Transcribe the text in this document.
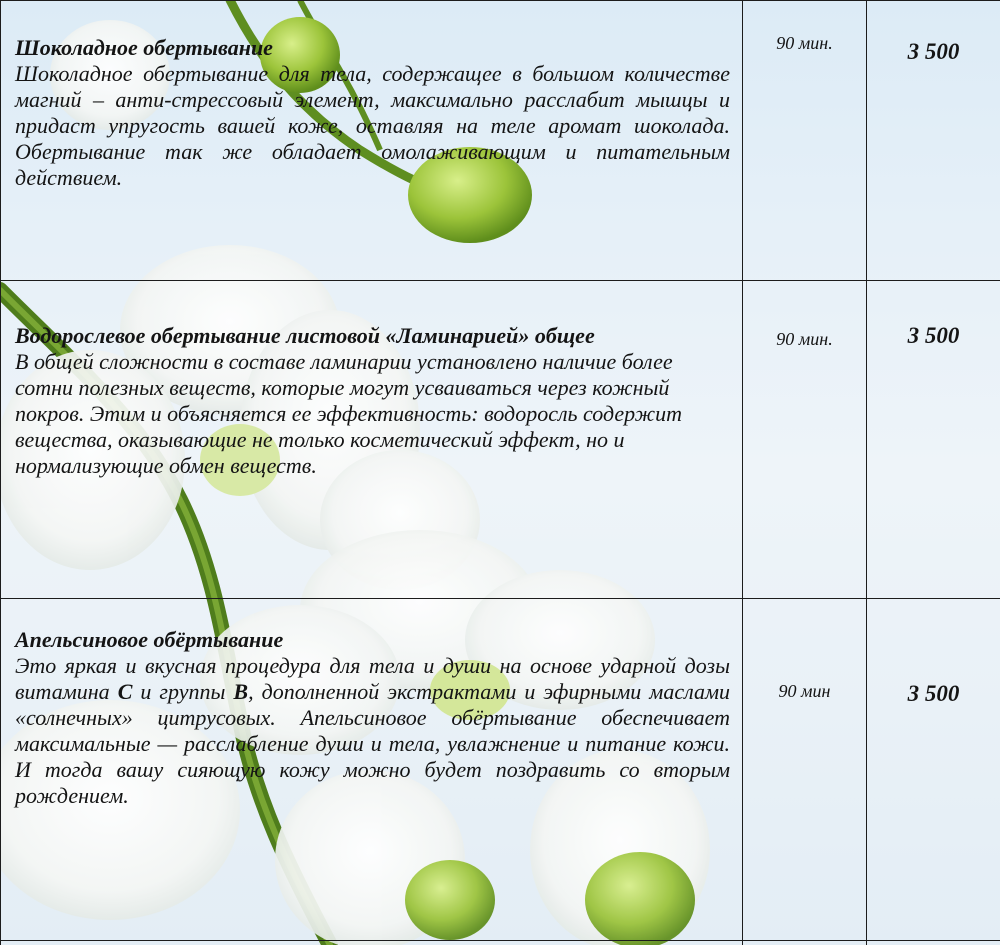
Шоколадное обертывание

Шоколадное обертывание для тела, содержащее в большом количестве магний – анти-стрессовый элемент, максимально расслабит мышцы и придаст упругость вашей коже, оставляя на теле аромат шоколада. Обертывание так же обладает омолаживающим и питательным действием.	90 мин.	3 500

Водорослевое обертывание листовой «Ламинарией» общее

В общей сложности в составе ламинарии установлено наличие более сотни полезных веществ, которые могут усваиваться через кожный покров. Этим и объясняется ее эффективность: водоросль содержит вещества, оказывающие не только косметический эффект, но и нормализующие обмен веществ.	90 мин.	3 500

Апельсиновое обёртывание

Это яркая и вкусная процедура для тела и души на основе ударной дозы витамина С и группы В, дополненной экстрактами и эфирными маслами «солнечных» цитрусовых. Апельсиновое обёртывание обеспечивает максимальные — расслабление души и тела, увлажнение и питание кожи. И тогда вашу сияющую кожу можно будет поздравить со вторым рождением.	90 мин	3 500
